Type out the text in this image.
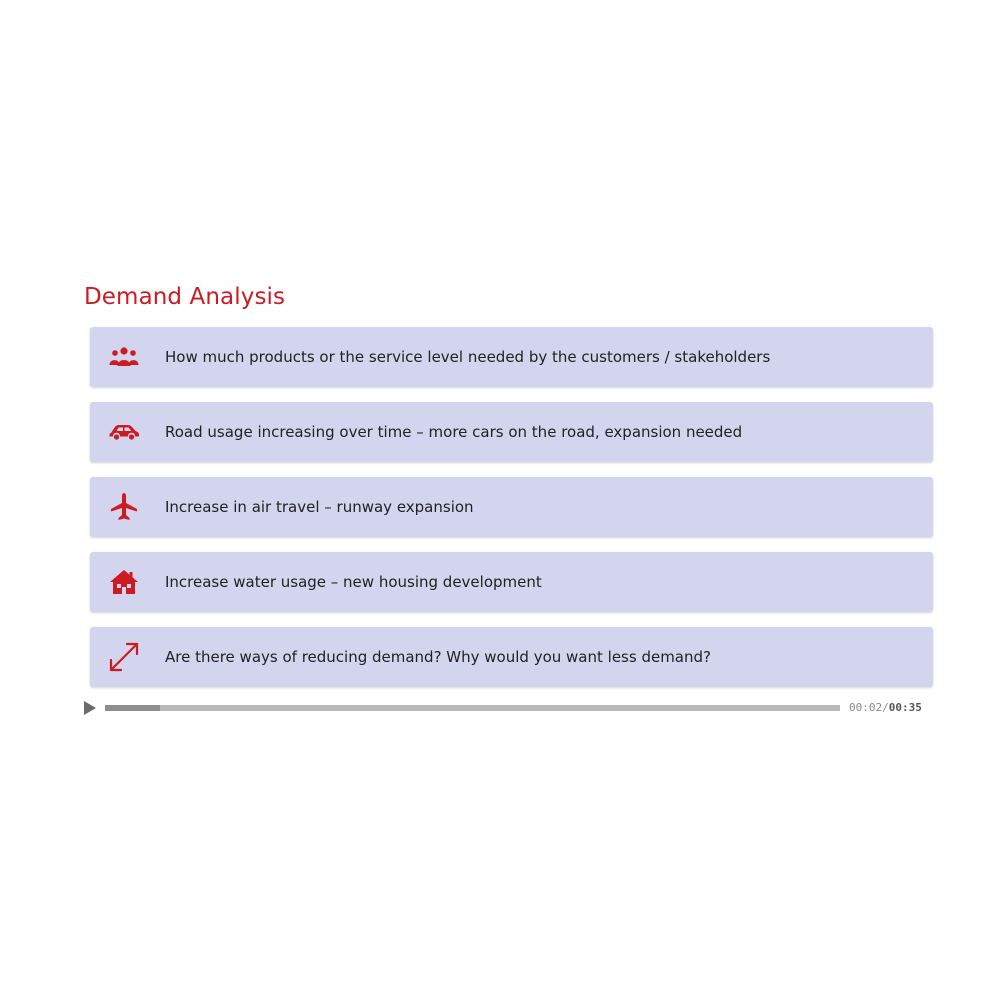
Demand Analysis
How much products or the service level needed by the customers / stakeholders
Road usage increasing over time – more cars on the road, expansion needed
Increase in air travel – runway expansion
Increase water usage – new housing development
Are there ways of reducing demand? Why would you want less demand?
00:02/00:35
